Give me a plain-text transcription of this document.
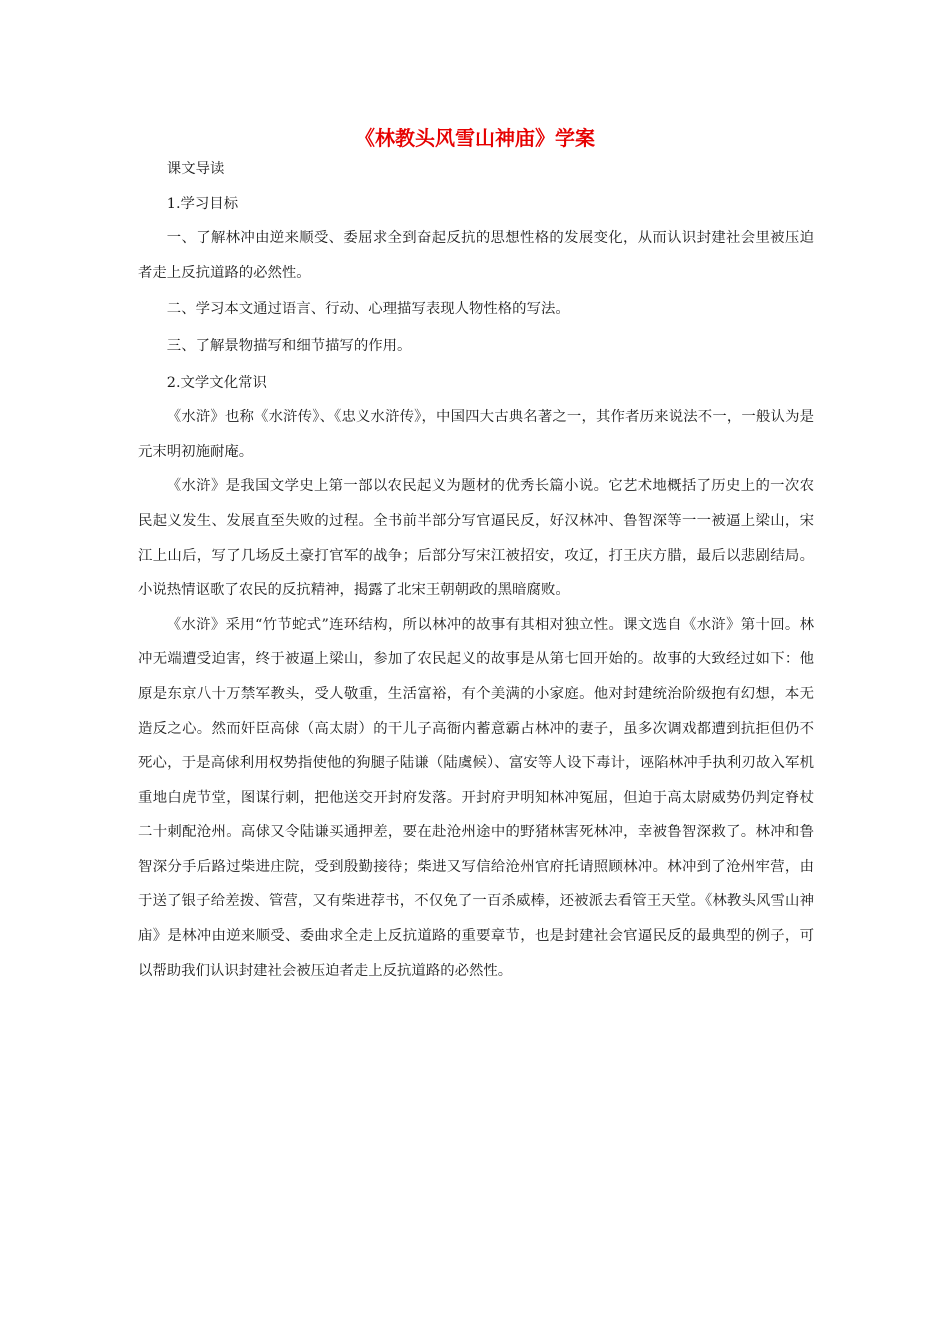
《林教头风雪山神庙》学案

课文导读

1.学习目标

一、了解林冲由逆来顺受、委屈求全到奋起反抗的思想性格的发展变化，从而认识封建社会里被压迫者走上反抗道路的必然性。

二、学习本文通过语言、行动、心理描写表现人物性格的写法。

三、了解景物描写和细节描写的作用。

2.文学文化常识

《水浒》也称《水浒传》、《忠义水浒传》，中国四大古典名著之一，其作者历来说法不一，一般认为是元末明初施耐庵。

《水浒》是我国文学史上第一部以农民起义为题材的优秀长篇小说。它艺术地概括了历史上的一次农民起义发生、发展直至失败的过程。全书前半部分写官逼民反，好汉林冲、鲁智深等一一被逼上梁山，宋江上山后，写了几场反土豪打官军的战争；后部分写宋江被招安，攻辽，打王庆方腊，最后以悲剧结局。小说热情讴歌了农民的反抗精神，揭露了北宋王朝朝政的黑暗腐败。

《水浒》采用“竹节蛇式”连环结构，所以林冲的故事有其相对独立性。课文选自《水浒》第十回。林冲无端遭受迫害，终于被逼上梁山，参加了农民起义的故事是从第七回开始的。故事的大致经过如下：他原是东京八十万禁军教头，受人敬重，生活富裕，有个美满的小家庭。他对封建统治阶级抱有幻想，本无造反之心。然而奸臣高俅（高太尉）的干儿子高衙内蓄意霸占林冲的妻子，虽多次调戏都遭到抗拒但仍不死心，于是高俅利用权势指使他的狗腿子陆谦（陆虞候）、富安等人设下毒计，诬陷林冲手执利刃故入军机重地白虎节堂，图谋行刺，把他送交开封府发落。开封府尹明知林冲冤屈，但迫于高太尉威势仍判定脊杖二十刺配沧州。高俅又令陆谦买通押差，要在赴沧州途中的野猪林害死林冲，幸被鲁智深救了。林冲和鲁智深分手后路过柴进庄院，受到殷勤接待；柴进又写信给沧州官府托请照顾林冲。林冲到了沧州牢营，由于送了银子给差拨、管营，又有柴进荐书，不仅免了一百杀威棒，还被派去看管王天堂。《林教头风雪山神庙》是林冲由逆来顺受、委曲求全走上反抗道路的重要章节，也是封建社会官逼民反的最典型的例子，可以帮助我们认识封建社会被压迫者走上反抗道路的必然性。
